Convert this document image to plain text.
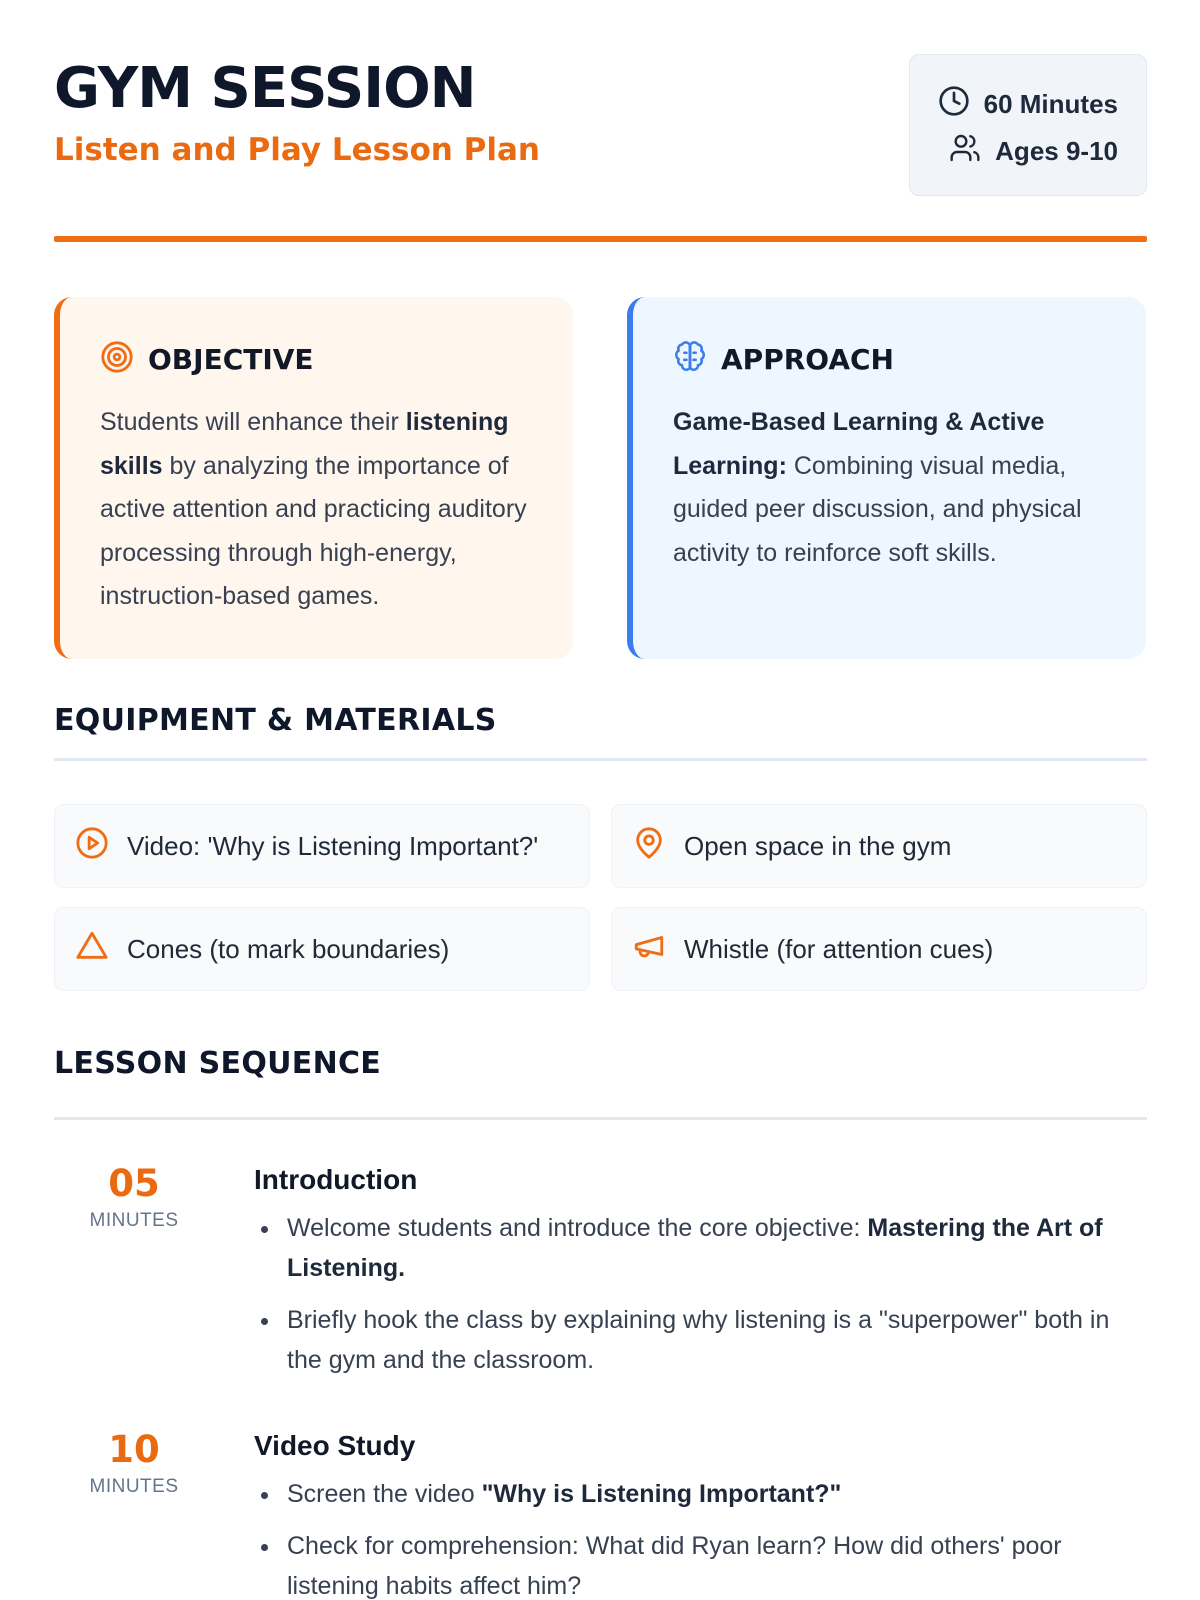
GYM SESSION
Listen and Play Lesson Plan
60 Minutes
Ages 9-10
OBJECTIVE

Students will enhance their listening skills by analyzing the importance of active attention and practicing auditory processing through high-energy, instruction-based games.

APPROACH

Game-Based Learning & Active Learning: Combining visual media, guided peer discussion, and physical activity to reinforce soft skills.

EQUIPMENT & MATERIALS
Video: 'Why is Listening Important?'	Open space in the gym
Cones (to mark boundaries)	Whistle (for attention cues)
LESSON SEQUENCE
05
MINUTES
Introduction
Welcome students and introduce the core objective: Mastering the Art of Listening.
Briefly hook the class by explaining why listening is a "superpower" both in the gym and the classroom.
10
MINUTES
Video Study
Screen the video "Why is Listening Important?"
Check for comprehension: What did Ryan learn? How did others' poor listening habits affect him?
